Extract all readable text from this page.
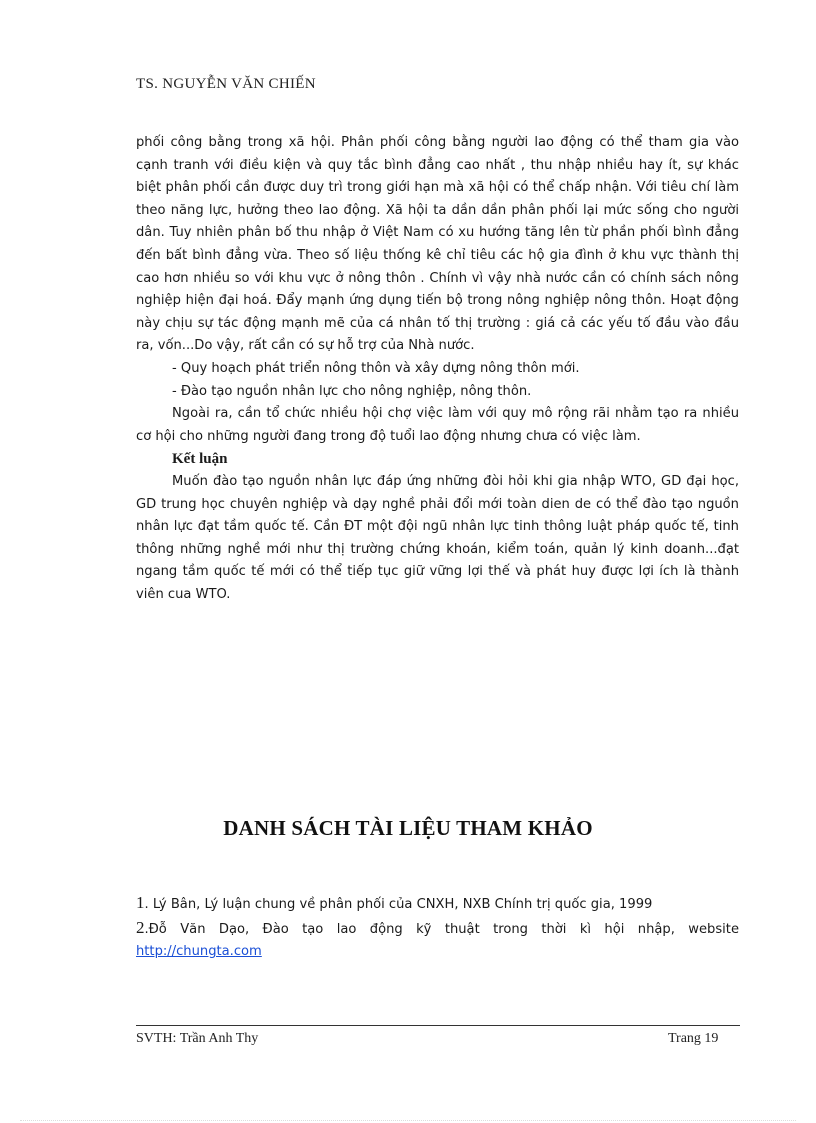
TS. NGUYỄN VĂN CHIẾN

phối công bằng trong xã hội. Phân phối công bằng người lao động có thể tham gia vào cạnh tranh với điều kiện và quy tắc bình đẳng cao nhất , thu nhập nhiều hay ít, sự khác biệt phân phối cần được duy trì trong giới hạn mà xã hội có thể chấp nhận. Với tiêu chí làm theo năng lực, hưởng theo lao động. Xã hội ta dần dần phân phối lại mức sống cho người dân. Tuy nhiên phân bố thu nhập ở Việt Nam có xu hướng tăng lên từ phần phối bình đẳng đến bất bình đẳng vừa. Theo số liệu thống kê chỉ tiêu các hộ gia đình ở khu vực thành thị cao hơn nhiều so với khu vực ở nông thôn . Chính vì vậy nhà nước cần có chính sách nông nghiệp hiện đại hoá. Đẩy mạnh ứng dụng tiến bộ trong nông nghiệp nông thôn. Hoạt động này chịu sự tác động mạnh mẽ của cá nhân tố thị trường : giá cả các yếu tố đầu vào đầu ra, vốn...Do vậy, rất cần có sự hỗ trợ của Nhà nước.

- Quy hoạch phát triển nông thôn và xây dựng nông thôn mới.

- Đào tạo nguồn nhân lực cho nông nghiệp, nông thôn.

Ngoài ra, cần tổ chức nhiều hội chợ việc làm với quy mô rộng rãi nhằm tạo ra nhiều cơ hội cho những người đang trong độ tuổi lao động nhưng chưa có việc làm.

Kết luận

Muốn đào tạo nguồn nhân lực đáp ứng những đòi hỏi khi gia nhập WTO, GD đại học, GD trung học chuyên nghiệp và dạy nghề phải đổi mới toàn dien de có thể đào tạo nguồn nhân lực đạt tầm quốc tế. Cần ĐT một đội ngũ nhân lực tinh thông luật pháp quốc tế, tinh thông những nghề mới như thị trường chứng khoán, kiểm toán, quản lý kinh doanh...đạt ngang tầm quốc tế mới có thể tiếp tục giữ vững lợi thế và phát huy được lợi ích là thành viên cua WTO.

DANH SÁCH TÀI LIỆU THAM KHẢO

1. Lý Bân, Lý luận chung về phân phối của CNXH, NXB Chính trị quốc gia, 1999

2.Đỗ Văn Dạo, Đào tạo lao động kỹ thuật trong thời kì hội nhập, website http://chungta.com

SVTH: Trần Anh Thy	Trang 19
